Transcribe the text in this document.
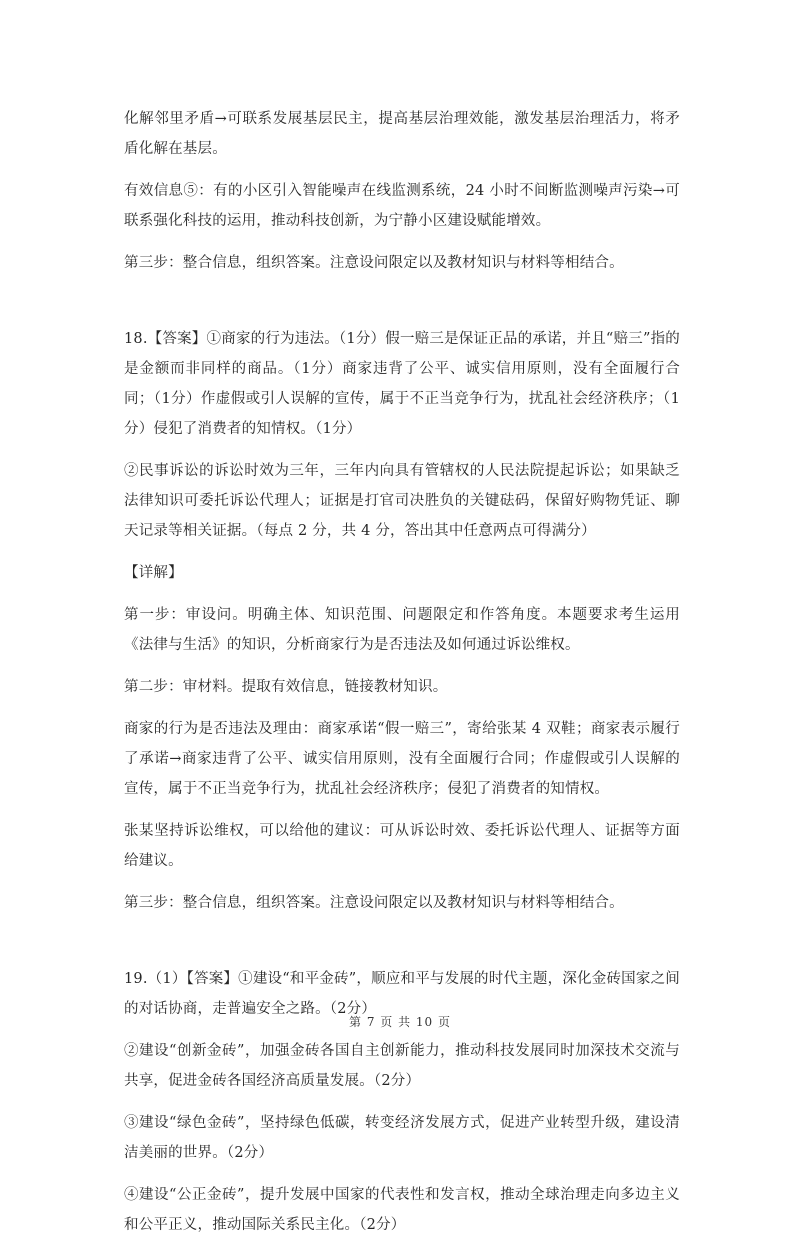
化解邻里矛盾→可联系发展基层民主，提高基层治理效能，激发基层治理活力，将矛盾化解在基层。

有效信息⑤：有的小区引入智能噪声在线监测系统，24 小时不间断监测噪声污染→可联系强化科技的运用，推动科技创新，为宁静小区建设赋能增效。

第三步：整合信息，组织答案。注意设问限定以及教材知识与材料等相结合。

18.【答案】①商家的行为违法。（1分）假一赔三是保证正品的承诺，并且“赔三”指的是金额而非同样的商品。（1分）商家违背了公平、诚实信用原则，没有全面履行合同；（1分）作虚假或引人误解的宣传，属于不正当竞争行为，扰乱社会经济秩序；（1分）侵犯了消费者的知情权。（1分）

②民事诉讼的诉讼时效为三年，三年内向具有管辖权的人民法院提起诉讼；如果缺乏法律知识可委托诉讼代理人；证据是打官司决胜负的关键砝码，保留好购物凭证、聊天记录等相关证据。（每点 2 分，共 4 分，答出其中任意两点可得满分）

【详解】

第一步：审设问。明确主体、知识范围、问题限定和作答角度。本题要求考生运用《法律与生活》的知识，分析商家行为是否违法及如何通过诉讼维权。

第二步：审材料。提取有效信息，链接教材知识。

商家的行为是否违法及理由：商家承诺“假一赔三”，寄给张某 4 双鞋；商家表示履行了承诺→商家违背了公平、诚实信用原则，没有全面履行合同；作虚假或引人误解的宣传，属于不正当竞争行为，扰乱社会经济秩序；侵犯了消费者的知情权。

张某坚持诉讼维权，可以给他的建议：可从诉讼时效、委托诉讼代理人、证据等方面给建议。

第三步：整合信息，组织答案。注意设问限定以及教材知识与材料等相结合。

19.（1）【答案】①建设“和平金砖”，顺应和平与发展的时代主题，深化金砖国家之间的对话协商，走普遍安全之路。（2分）

②建设“创新金砖”，加强金砖各国自主创新能力，推动科技发展同时加深技术交流与共享，促进金砖各国经济高质量发展。（2分）

③建设“绿色金砖”，坚持绿色低碳，转变经济发展方式，促进产业转型升级，建设清洁美丽的世界。（2分）

④建设“公正金砖”，提升发展中国家的代表性和发言权，推动全球治理走向多边主义和公平正义，推动国际关系民主化。（2分）

第 7 页 共 10 页
